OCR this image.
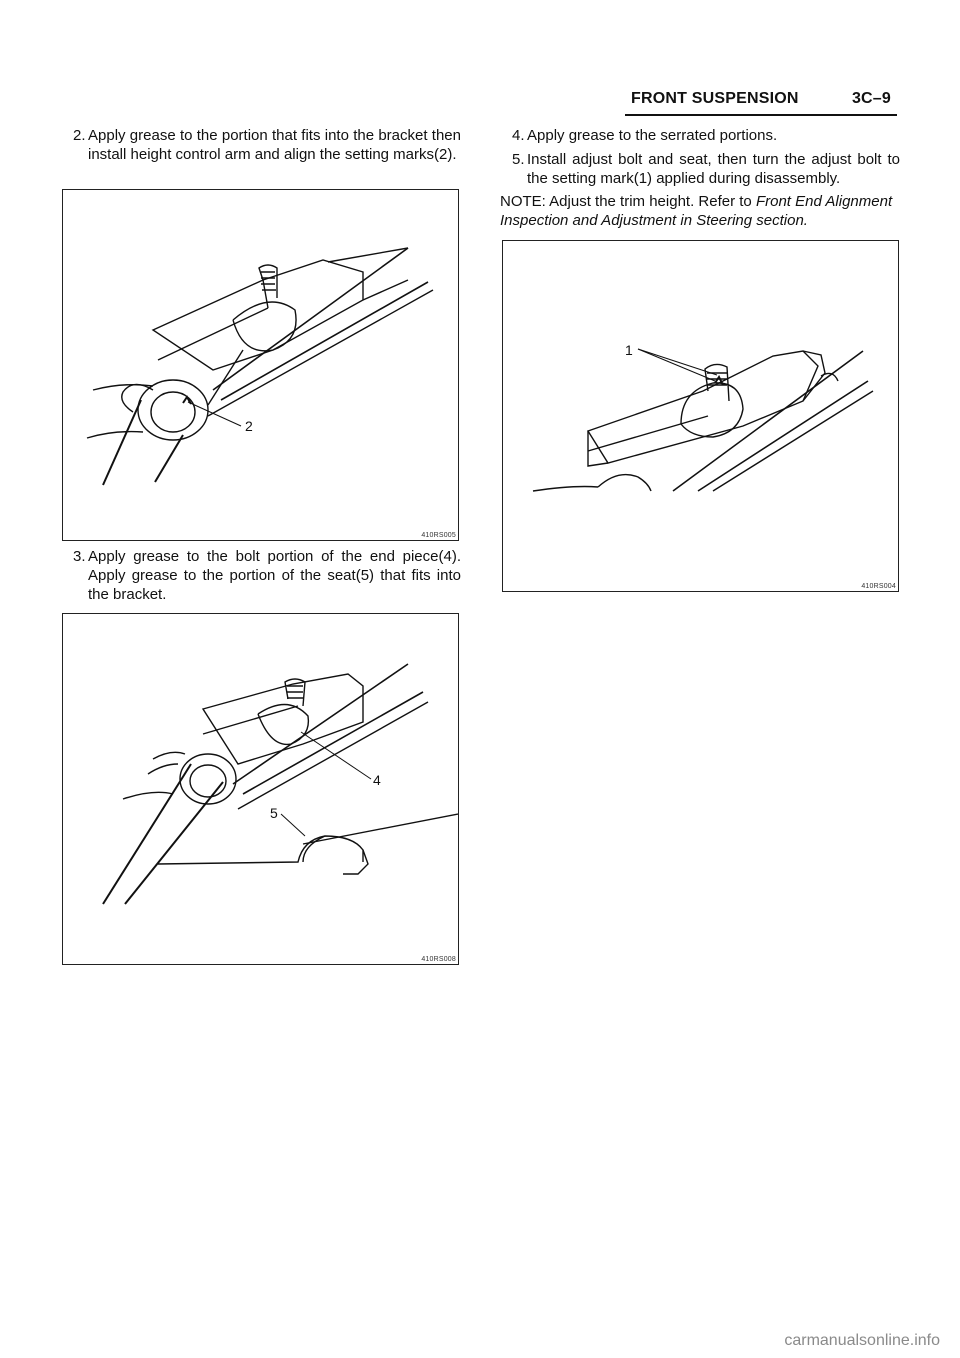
FRONT SUSPENSION	3C–9
2. Apply grease to the portion that fits into the bracket then install height control arm and align the setting marks(2).
2
410RS005
3. Apply grease to the bolt portion of the end piece(4). Apply grease to the portion of the seat(5) that fits into the bracket.
4
5
410RS008
4. Apply grease to the serrated portions.
5. Install adjust bolt and seat, then turn the adjust bolt to the setting mark(1) applied during disassembly.
NOTE: Adjust the trim height. Refer to Front End Alignment Inspection and Adjustment in Steering section.
1
410RS004
carmanualsonline.info
